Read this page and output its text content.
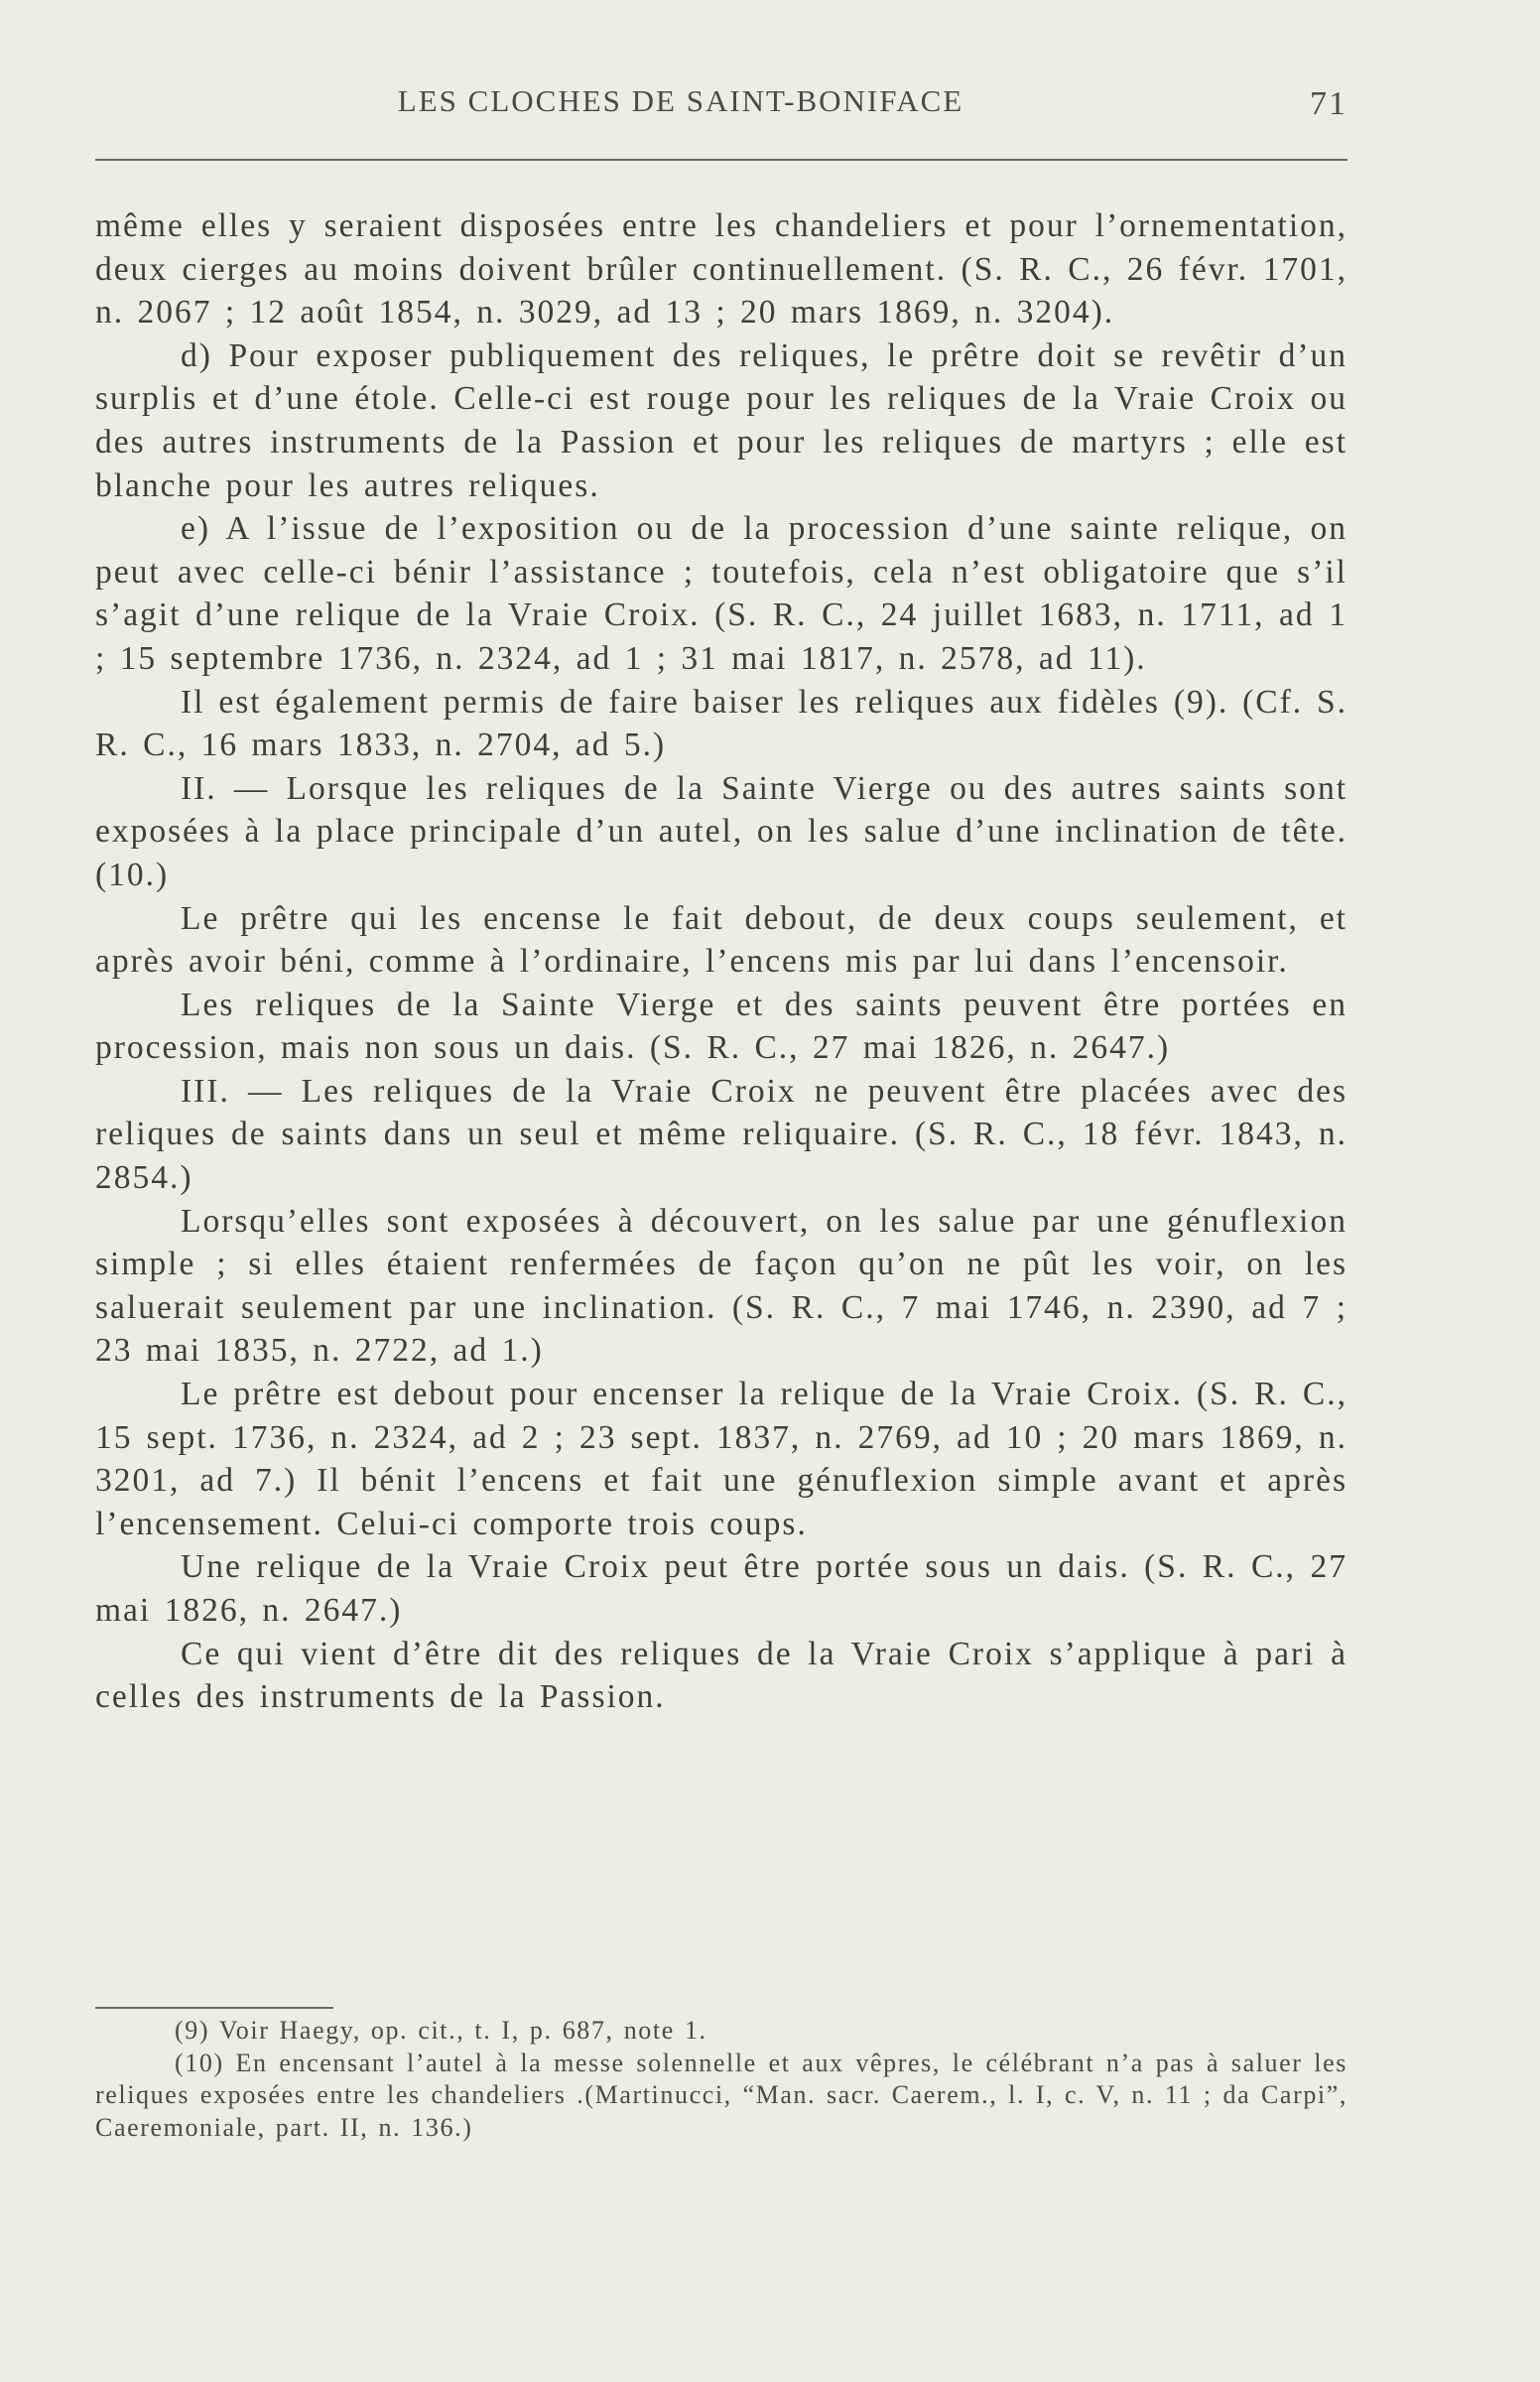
LES CLOCHES DE SAINT-BONIFACE	71

même elles y seraient disposées entre les chandeliers et pour l’ornementation, deux cierges au moins doivent brûler continuellement. (S. R. C., 26 févr. 1701, n. 2067 ; 12 août 1854, n. 3029, ad 13 ; 20 mars 1869, n. 3204).

d) Pour exposer publiquement des reliques, le prêtre doit se revêtir d’un surplis et d’une étole. Celle-ci est rouge pour les reliques de la Vraie Croix ou des autres instruments de la Passion et pour les reliques de martyrs ; elle est blanche pour les autres reliques.

e) A l’issue de l’exposition ou de la procession d’une sainte relique, on peut avec celle-ci bénir l’assistance ; toutefois, cela n’est obligatoire que s’il s’agit d’une relique de la Vraie Croix. (S. R. C., 24 juillet 1683, n. 1711, ad 1 ; 15 septembre 1736, n. 2324, ad 1 ; 31 mai 1817, n. 2578, ad 11).

Il est également permis de faire baiser les reliques aux fidèles (9). (Cf. S. R. C., 16 mars 1833, n. 2704, ad 5.)

II. — Lorsque les reliques de la Sainte Vierge ou des autres saints sont exposées à la place principale d’un autel, on les salue d’une inclination de tête. (10.)

Le prêtre qui les encense le fait debout, de deux coups seulement, et après avoir béni, comme à l’ordinaire, l’encens mis par lui dans l’encensoir.

Les reliques de la Sainte Vierge et des saints peuvent être portées en procession, mais non sous un dais. (S. R. C., 27 mai 1826, n. 2647.)

III. — Les reliques de la Vraie Croix ne peuvent être placées avec des reliques de saints dans un seul et même reliquaire. (S. R. C., 18 févr. 1843, n. 2854.)

Lorsqu’elles sont exposées à découvert, on les salue par une génuflexion simple ; si elles étaient renfermées de façon qu’on ne pût les voir, on les saluerait seulement par une inclination. (S. R. C., 7 mai 1746, n. 2390, ad 7 ; 23 mai 1835, n. 2722, ad 1.)

Le prêtre est debout pour encenser la relique de la Vraie Croix. (S. R. C., 15 sept. 1736, n. 2324, ad 2 ; 23 sept. 1837, n. 2769, ad 10 ; 20 mars 1869, n. 3201, ad 7.) Il bénit l’encens et fait une génuflexion simple avant et après l’encensement. Celui-ci comporte trois coups.

Une relique de la Vraie Croix peut être portée sous un dais. (S. R. C., 27 mai 1826, n. 2647.)

Ce qui vient d’être dit des reliques de la Vraie Croix s’applique à pari à celles des instruments de la Passion.

(9) Voir Haegy, op. cit., t. I, p. 687, note 1.

(10) En encensant l’autel à la messe solennelle et aux vêpres, le célébrant n’a pas à saluer les reliques exposées entre les chandeliers .(Martinucci, “Man. sacr. Caerem., l. I, c. V, n. 11 ; da Carpi”, Caeremoniale, part. II, n. 136.)
